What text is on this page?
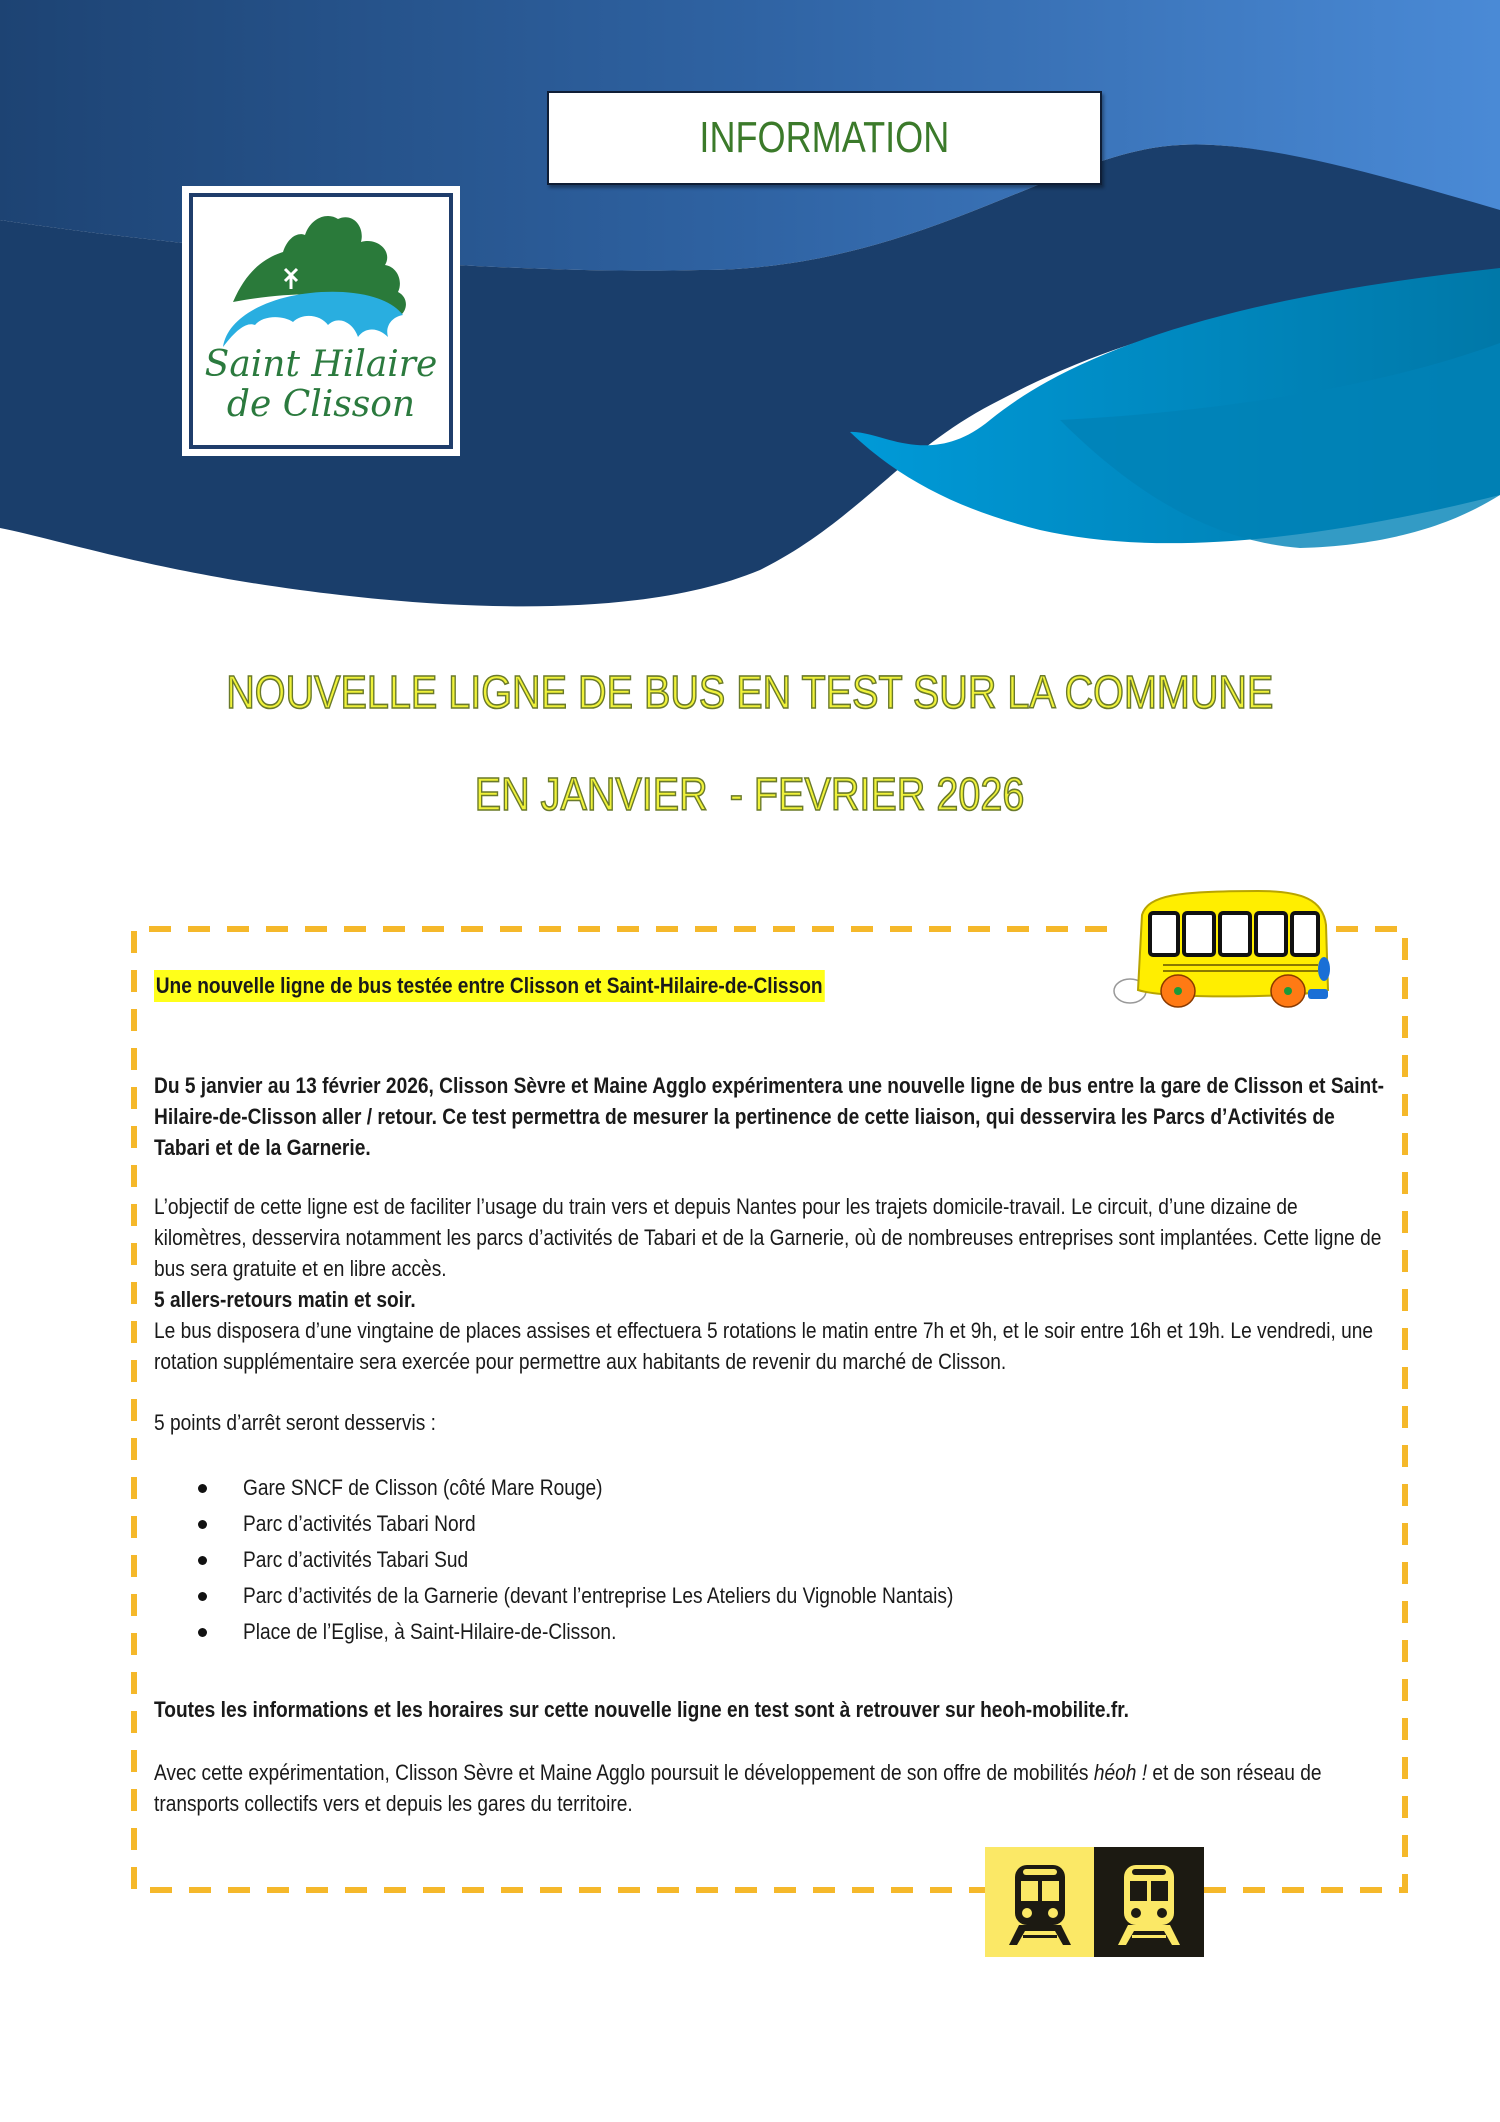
INFORMATION
Saint Hilaire
de Clisson
NOUVELLE LIGNE DE BUS EN TEST SUR LA COMMUNE
EN JANVIER  - FEVRIER 2026
Une nouvelle ligne de bus testée entre Clisson et Saint-Hilaire-de-Clisson

Du 5 janvier au 13 février 2026, Clisson Sèvre et Maine Agglo expérimentera une nouvelle ligne de bus entre la gare de Clisson et Saint-Hilaire-de-Clisson aller / retour. Ce test permettra de mesurer la pertinence de cette liaison, qui desservira les Parcs d’Activités de Tabari et de la Garnerie.

L’objectif de cette ligne est de faciliter l’usage du train vers et depuis Nantes pour les trajets domicile-travail. Le circuit, d’une dizaine de kilomètres, desservira notamment les parcs d’activités de Tabari et de la Garnerie, où de nombreuses entreprises sont implantées. Cette ligne de bus sera gratuite et en libre accès.

5 allers-retours matin et soir.

Le bus disposera d’une vingtaine de places assises et effectuera 5 rotations le matin entre 7h et 9h, et le soir entre 16h et 19h. Le vendredi, une rotation supplémentaire sera exercée pour permettre aux habitants de revenir du marché de Clisson.

5 points d’arrêt seront desservis :

Gare SNCF de Clisson (côté Mare Rouge)
Parc d’activités Tabari Nord
Parc d’activités Tabari Sud
Parc d’activités de la Garnerie (devant l’entreprise Les Ateliers du Vignoble Nantais)
Place de l’Eglise, à Saint-Hilaire-de-Clisson.

Toutes les informations et les horaires sur cette nouvelle ligne en test sont à retrouver sur heoh-mobilite.fr.

Avec cette expérimentation, Clisson Sèvre et Maine Agglo poursuit le développement de son offre de mobilités héoh ! et de son réseau de transports collectifs vers et depuis les gares du territoire.
